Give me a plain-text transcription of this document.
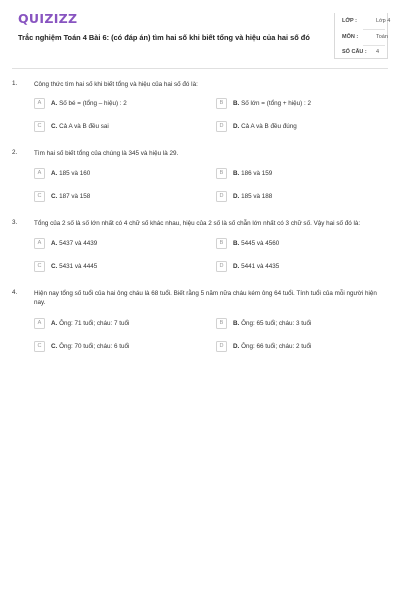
QUIZIZZ
Trắc nghiệm Toán 4 Bài 6: (có đáp án) tìm hai số khi biết tổng và hiệu của hai số đó
LỚP :	Lớp 4
MÔN :	Toán
SỐ CÂU : 4
1.	Công thức tìm hai số khi biết tổng và hiệu của hai số đó là:
A	A. Số bé = (tổng – hiệu) : 2	B	B. Số lớn = (tổng + hiệu) : 2
C	C. Cả A và B đều sai	D	D. Cả A và B đều đúng
2.	Tìm hai số biết tổng của chúng là 345 và hiệu là 29.
A	A. 185 và 160	B	B. 186 và 159
C	C. 187 và 158	D	D. 185 và 188
3.	Tổng của 2 số là số lớn nhất có 4 chữ số khác nhau, hiệu của 2 số là số chẵn lớn nhất có 3 chữ số. Vậy hai số đó là:
A	A. 5437 và 4439	B	B. 5445 và 4560
C	C. 5431 và 4445	D	D. 5441 và 4435
4.	Hiện nay tổng số tuổi của hai ông cháu là 68 tuổi. Biết rằng 5 năm nữa cháu kém ông 64 tuổi. Tính tuổi của mỗi người hiện nay.
A	A. Ông: 71 tuổi; cháu: 7 tuổi	B	B. Ông: 65 tuổi; cháu: 3 tuổi
C	C. Ông: 70 tuổi; cháu: 6 tuổi	D	D. Ông: 66 tuổi; cháu: 2 tuổi
